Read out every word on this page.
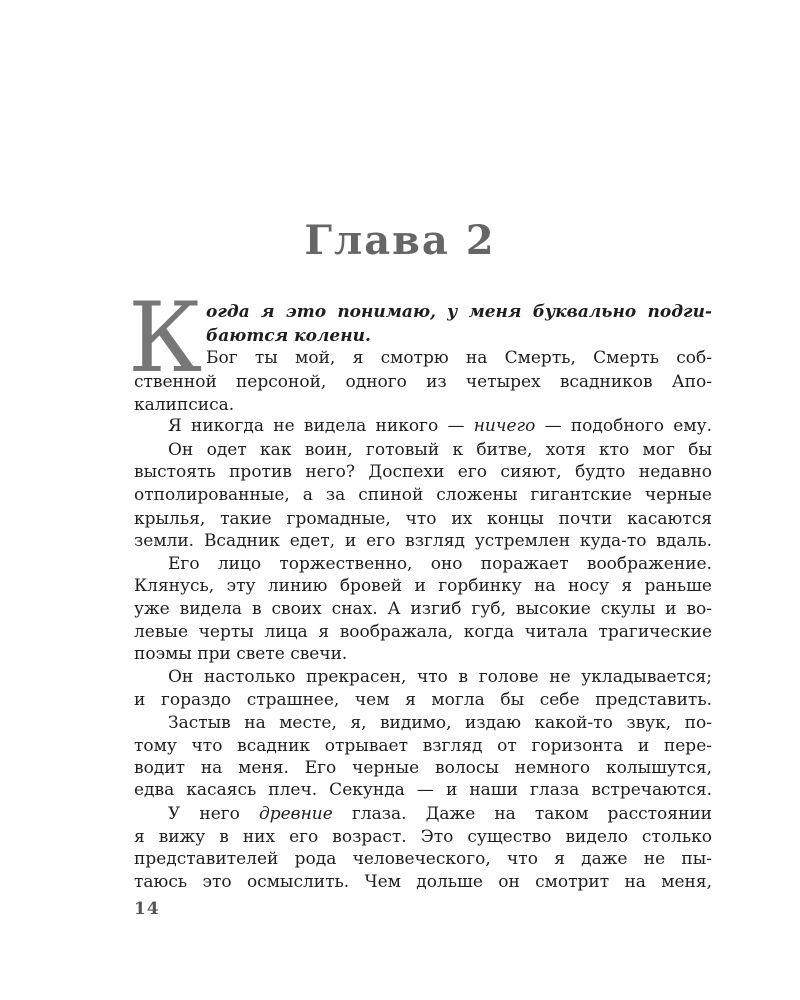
Глава 2
К огда я это понимаю, у меня буквально подги-
баются колени.
Бог ты мой, я смотрю на Смерть, Смерть соб-
ственной персоной, одного из четырех всадников Апо-
калипсиса.
Я никогда не видела никого — ничего — подобного ему.
Он одет как воин, готовый к битве, хотя кто мог бы
выстоять против него? Доспехи его сияют, будто недавно
отполированные, а за спиной сложены гигантские черные
крылья, такие громадные, что их концы почти касаются
земли. Всадник едет, и его взгляд устремлен куда-то вдаль.
Его лицо торжественно, оно поражает воображение.
Клянусь, эту линию бровей и горбинку на носу я раньше
уже видела в своих снах. А изгиб губ, высокие скулы и во-
левые черты лица я воображала, когда читала трагические
поэмы при свете свечи.
Он настолько прекрасен, что в голове не укладывается;
и гораздо страшнее, чем я могла бы себе представить.
Застыв на месте, я, видимо, издаю какой-то звук, по-
тому что всадник отрывает взгляд от горизонта и пере-
водит на меня. Его черные волосы немного колышутся,
едва касаясь плеч. Секунда — и наши глаза встречаются.
У него древние глаза. Даже на таком расстоянии
я вижу в них его возраст. Это существо видело столько
представителей рода человеческого, что я даже не пы-
таюсь это осмыслить. Чем дольше он смотрит на меня,
14
